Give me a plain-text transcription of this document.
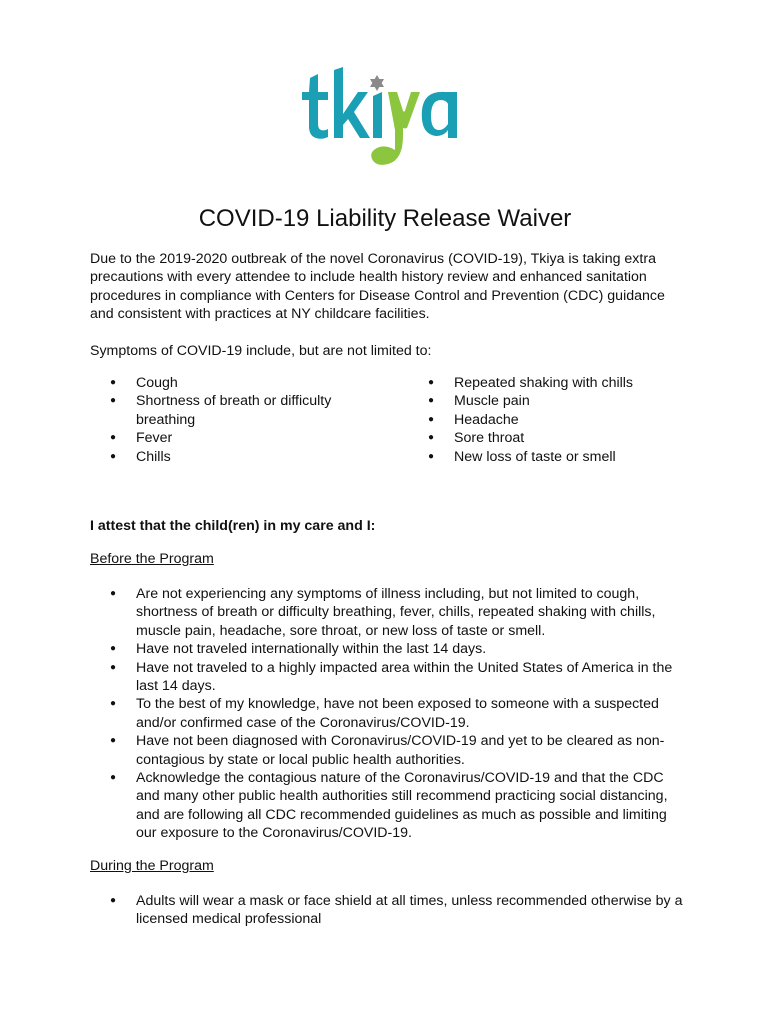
COVID-19 Liability Release Waiver

Due to the 2019-2020 outbreak of the novel Coronavirus (COVID-19), Tkiya is taking extra precautions with every attendee to include health history review and enhanced sanitation procedures in compliance with Centers for Disease Control and Prevention (CDC) guidance and consistent with practices at NY childcare facilities.

Symptoms of COVID-19 include, but are not limited to:

● Cough
● Shortness of breath or difficulty breathing
● Fever
● Chills
● Repeated shaking with chills
● Muscle pain
● Headache
● Sore throat
● New loss of taste or smell

I attest that the child(ren) in my care and I:

Before the Program

● Are not experiencing any symptoms of illness including, but not limited to cough, shortness of breath or difficulty breathing, fever, chills, repeated shaking with chills, muscle pain, headache, sore throat, or new loss of taste or smell.
● Have not traveled internationally within the last 14 days.
● Have not traveled to a highly impacted area within the United States of America in the last 14 days.
● To the best of my knowledge, have not been exposed to someone with a suspected and/or confirmed case of the Coronavirus/COVID-19.
● Have not been diagnosed with Coronavirus/COVID-19 and yet to be cleared as non-contagious by state or local public health authorities.
● Acknowledge the contagious nature of the Coronavirus/COVID-19 and that the CDC and many other public health authorities still recommend practicing social distancing, and are following all CDC recommended guidelines as much as possible and limiting our exposure to the Coronavirus/COVID-19.

During the Program

● Adults will wear a mask or face shield at all times, unless recommended otherwise by a licensed medical professional
